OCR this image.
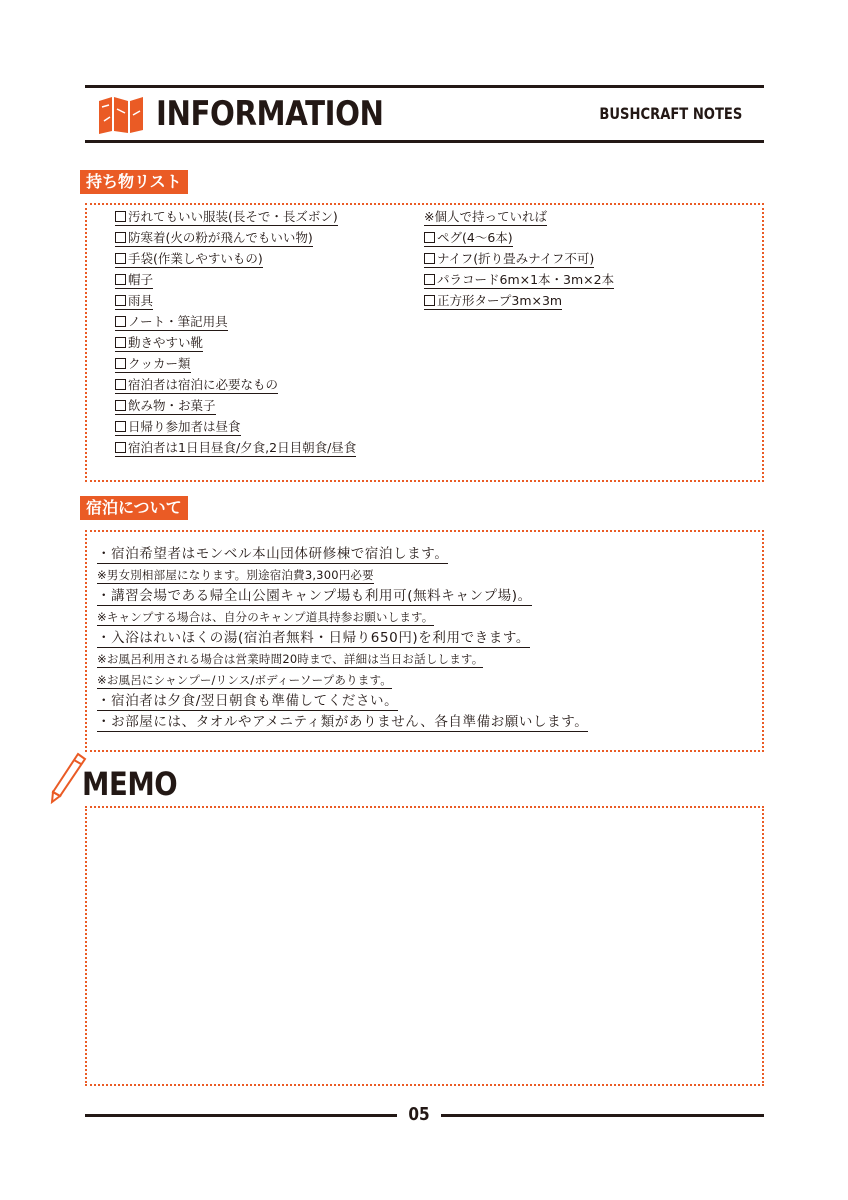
INFORMATION	BUSHCRAFT NOTES
持ち物リスト
汚れてもいい服装(長そで・長ズボン)
防寒着(火の粉が飛んでもいい物)
手袋(作業しやすいもの)
帽子
雨具
ノート・筆記用具
動きやすい靴
クッカー類
宿泊者は宿泊に必要なもの
飲み物・お菓子
日帰り参加者は昼食
宿泊者は1日目昼食/夕食,2日目朝食/昼食
※個人で持っていれば
ペグ(4〜6本)
ナイフ(折り畳みナイフ不可)
パラコード6m×1本・3m×2本
正方形タープ3m×3m
宿泊について
・宿泊希望者はモンベル本山団体研修棟で宿泊します。
※男女別相部屋になります。別途宿泊費3,300円必要
・講習会場である帰全山公園キャンプ場も利用可(無料キャンプ場)。
※キャンプする場合は、自分のキャンプ道具持参お願いします。
・入浴はれいほくの湯(宿泊者無料・日帰り650円)を利用できます。
※お風呂利用される場合は営業時間20時まで、詳細は当日お話しします。
※お風呂にシャンプー/リンス/ボディーソープあります。
・宿泊者は夕食/翌日朝食も準備してください。
・お部屋には、タオルやアメニティ類がありません、各自準備お願いします。
MEMO
05
